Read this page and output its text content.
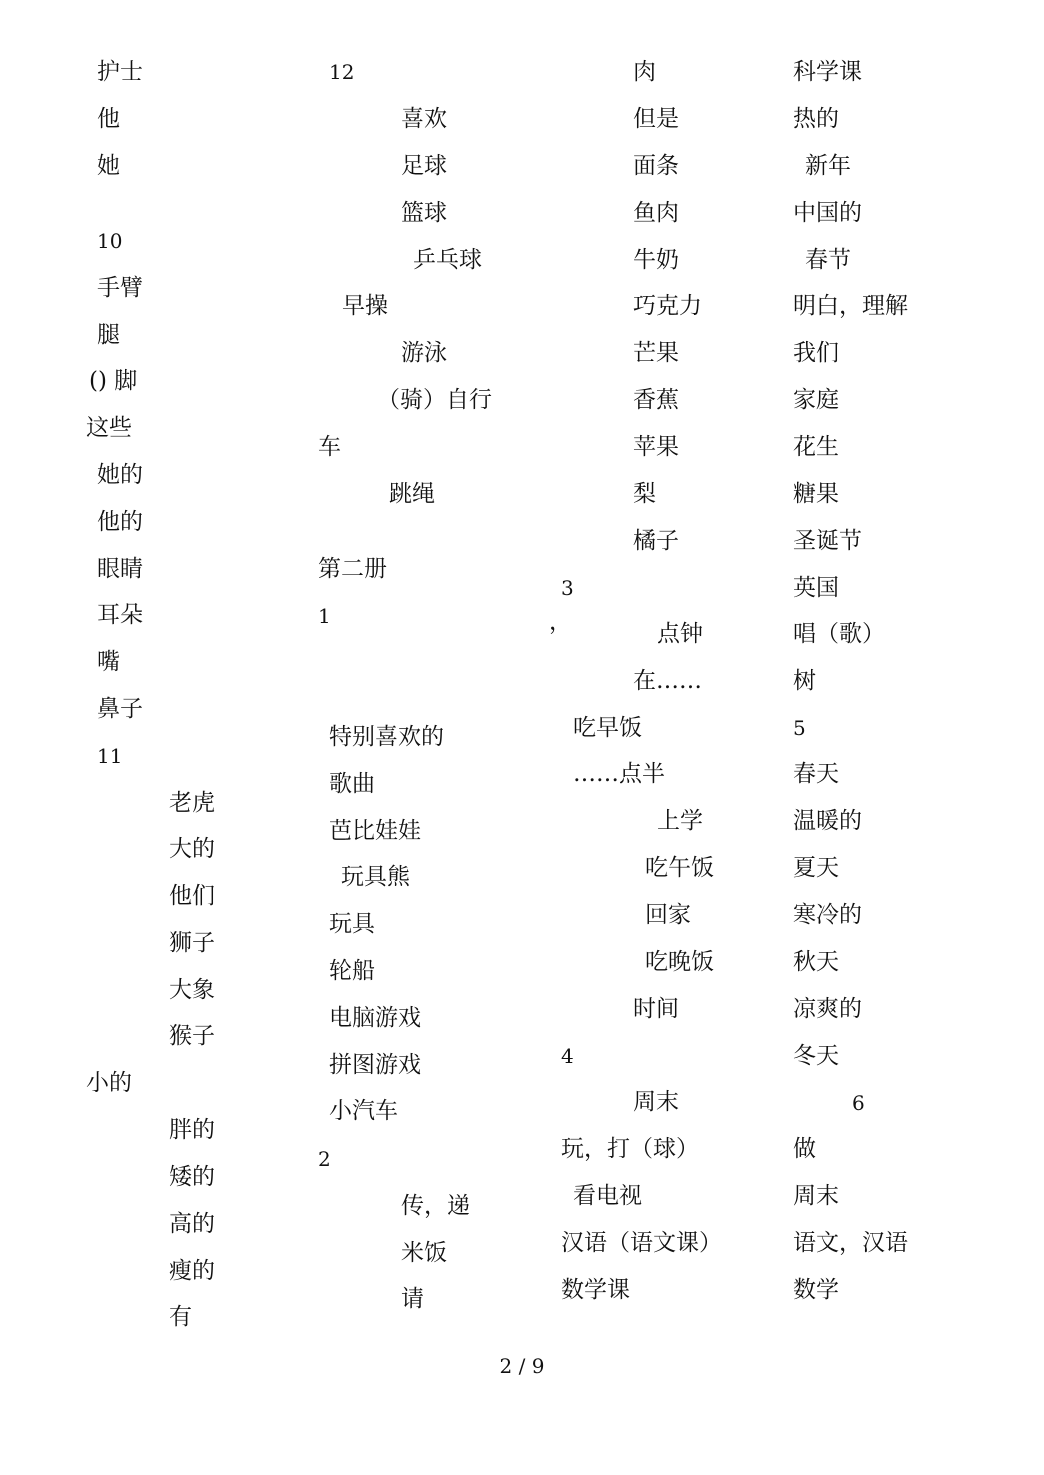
护士
他
她
10
手臂
腿
() 脚
这些
她的
他的
眼睛
耳朵
嘴
鼻子
11
老虎
大的
他们
狮子
大象
猴子
小的
胖的
矮的
高的
瘦的
有
12
喜欢
足球
篮球
乒乓球
早操
游泳
（骑）自行
车
跳绳
第二册
1
特别喜欢的
歌曲
芭比娃娃
玩具熊
玩具
轮船
电脑游戏
拼图游戏
小汽车
2
传，递
米饭
请
肉
但是
面条
鱼肉
牛奶
巧克力
芒果
香蕉
苹果
梨
橘子
3
，	点钟
在……
吃早饭
……点半
上学
吃午饭
回家
吃晚饭
时间
4
周末
玩，打（球）
看电视
汉语（语文课）
数学课
科学课
热的
新年
中国的
春节
明白，理解
我们
家庭
花生
糖果
圣诞节
英国
唱（歌）
树
5
春天
温暖的
夏天
寒冷的
秋天
凉爽的
冬天
6
做
周末
语文，汉语
数学
2 / 9
